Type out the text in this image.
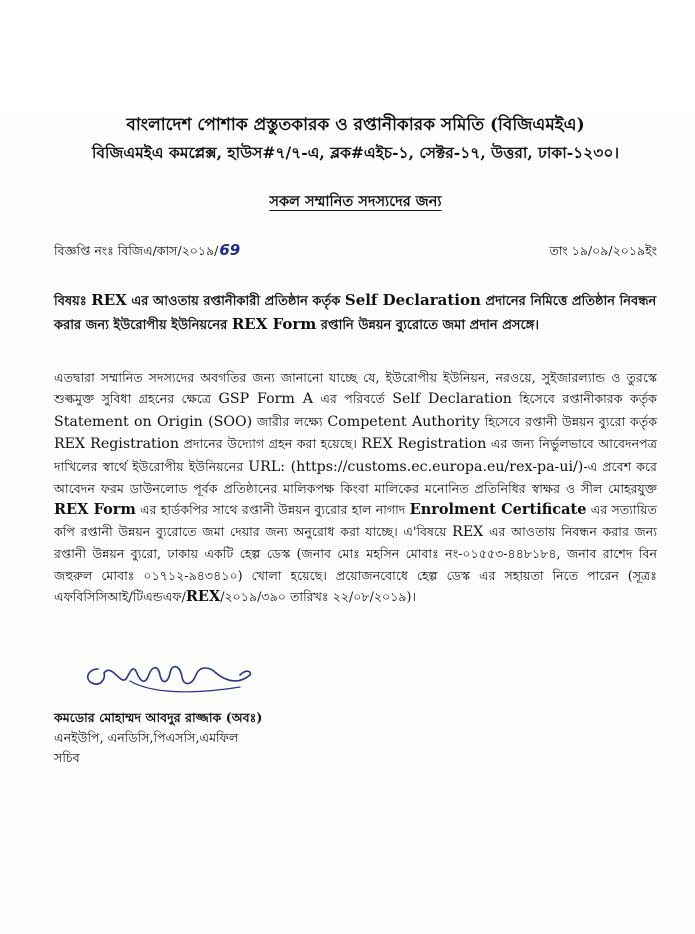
বাংলাদেশ পোশাক প্রস্তুতকারক ও রপ্তানীকারক সমিতি (বিজিএমইএ)
বিজিএমইএ কমপ্লেক্স, হাউস#৭/৭-এ, ব্লক#এইচ-১, সেক্টর-১৭, উত্তরা, ঢাকা-১২৩০।
সকল সম্মানিত সদস্যদের জন্য
বিজ্ঞপ্তি নংঃ বিজিএ/কাস/২০১৯/69	তাং ১৯/০৯/২০১৯ইং
বিষয়ঃ REX এর আওতায় রপ্তানীকারী প্রতিষ্ঠান কর্তৃক Self Declaration প্রদানের নিমিত্তে প্রতিষ্ঠান নিবন্ধন করার জন্য ইউরোপীয় ইউনিয়নের REX Form রপ্তানি উন্নয়ন ব্যুরোতে জমা প্রদান প্রসঙ্গে।
এতদ্বারা সম্মানিত সদস্যদের অবগতির জন্য জানানো যাচ্ছে যে, ইউরোপীয় ইউনিয়ন, নরওয়ে, সুইজারল্যান্ড ও তুরস্কে শুল্কমুক্ত সুবিধা গ্রহনের ক্ষেত্রে GSP Form A এর পরিবর্তে Self Declaration হিসেবে রপ্তানীকারক কর্তৃক Statement on Origin (SOO) জারীর লক্ষ্যে Competent Authority হিসেবে রপ্তানী উন্নয়ন ব্যুরো কর্তৃক REX Registration প্রদানের উদ্যোগ গ্রহন করা হয়েছে। REX Registration এর জন্য নির্ভুলভাবে আবেদনপত্র দাখিলের স্বার্থে ইউরোপীয় ইউনিয়নের URL: (https://customs.ec.europa.eu/rex-pa-ui/)-এ প্রবেশ করে আবেদন ফরম ডাউনলোড পূর্বক প্রতিষ্ঠানের মালিকপক্ষ কিংবা মালিকের মনোনিত প্রতিনিধির স্বাক্ষর ও সীল মোহরযুক্ত REX Form এর হার্ডকপির সাথে রপ্তানী উন্নয়ন ব্যুরোর হাল নাগাদ Enrolment Certificate এর সত্যায়িত কপি রপ্তানী উন্নয়ন ব্যুরোতে জমা দেয়ার জন্য অনুরোধ করা যাচ্ছে। এ'বিষয়ে REX এর আওতায় নিবন্ধন করার জন্য রপ্তানী উন্নয়ন ব্যুরো, ঢাকায় একটি হেল্প ডেস্ক (জনাব মোঃ মহসিন মোবাঃ নং-০১৫৫৩-৪৪৮১৮৪, জনাব রাশেদ বিন জহুরুল মোবাঃ ০১৭১২-৯৪৩৪১০) খোলা হয়েছে। প্রয়োজনবোধে হেল্প ডেস্ক এর সহায়তা নিতে পারেন (সূত্রঃ এফবিসিসিআই/টিএন্ডএফ/REX/২০১৯/৩৯০ তারিখঃ ২২/০৮/২০১৯)।
কমডোর মোহাম্মদ আবদুর রাজ্জাক (অবঃ)
এনইউপি, এনডিসি,পিএসসি,এমফিল
সচিব
